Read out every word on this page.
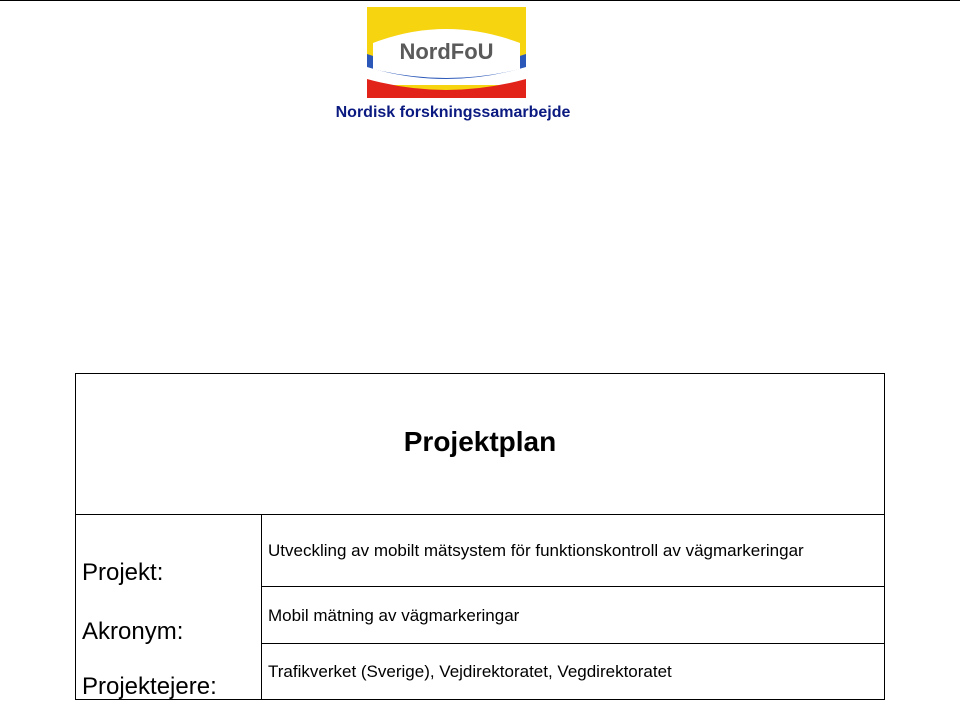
NordFoU
Nordisk forskningssamarbejde
Projektplan
Projekt:
Akronym:
Projektejere:
Utveckling av mobilt mätsystem för funktionskontroll av vägmarkeringar
Mobil mätning av vägmarkeringar
Trafikverket (Sverige), Vejdirektoratet, Vegdirektoratet
